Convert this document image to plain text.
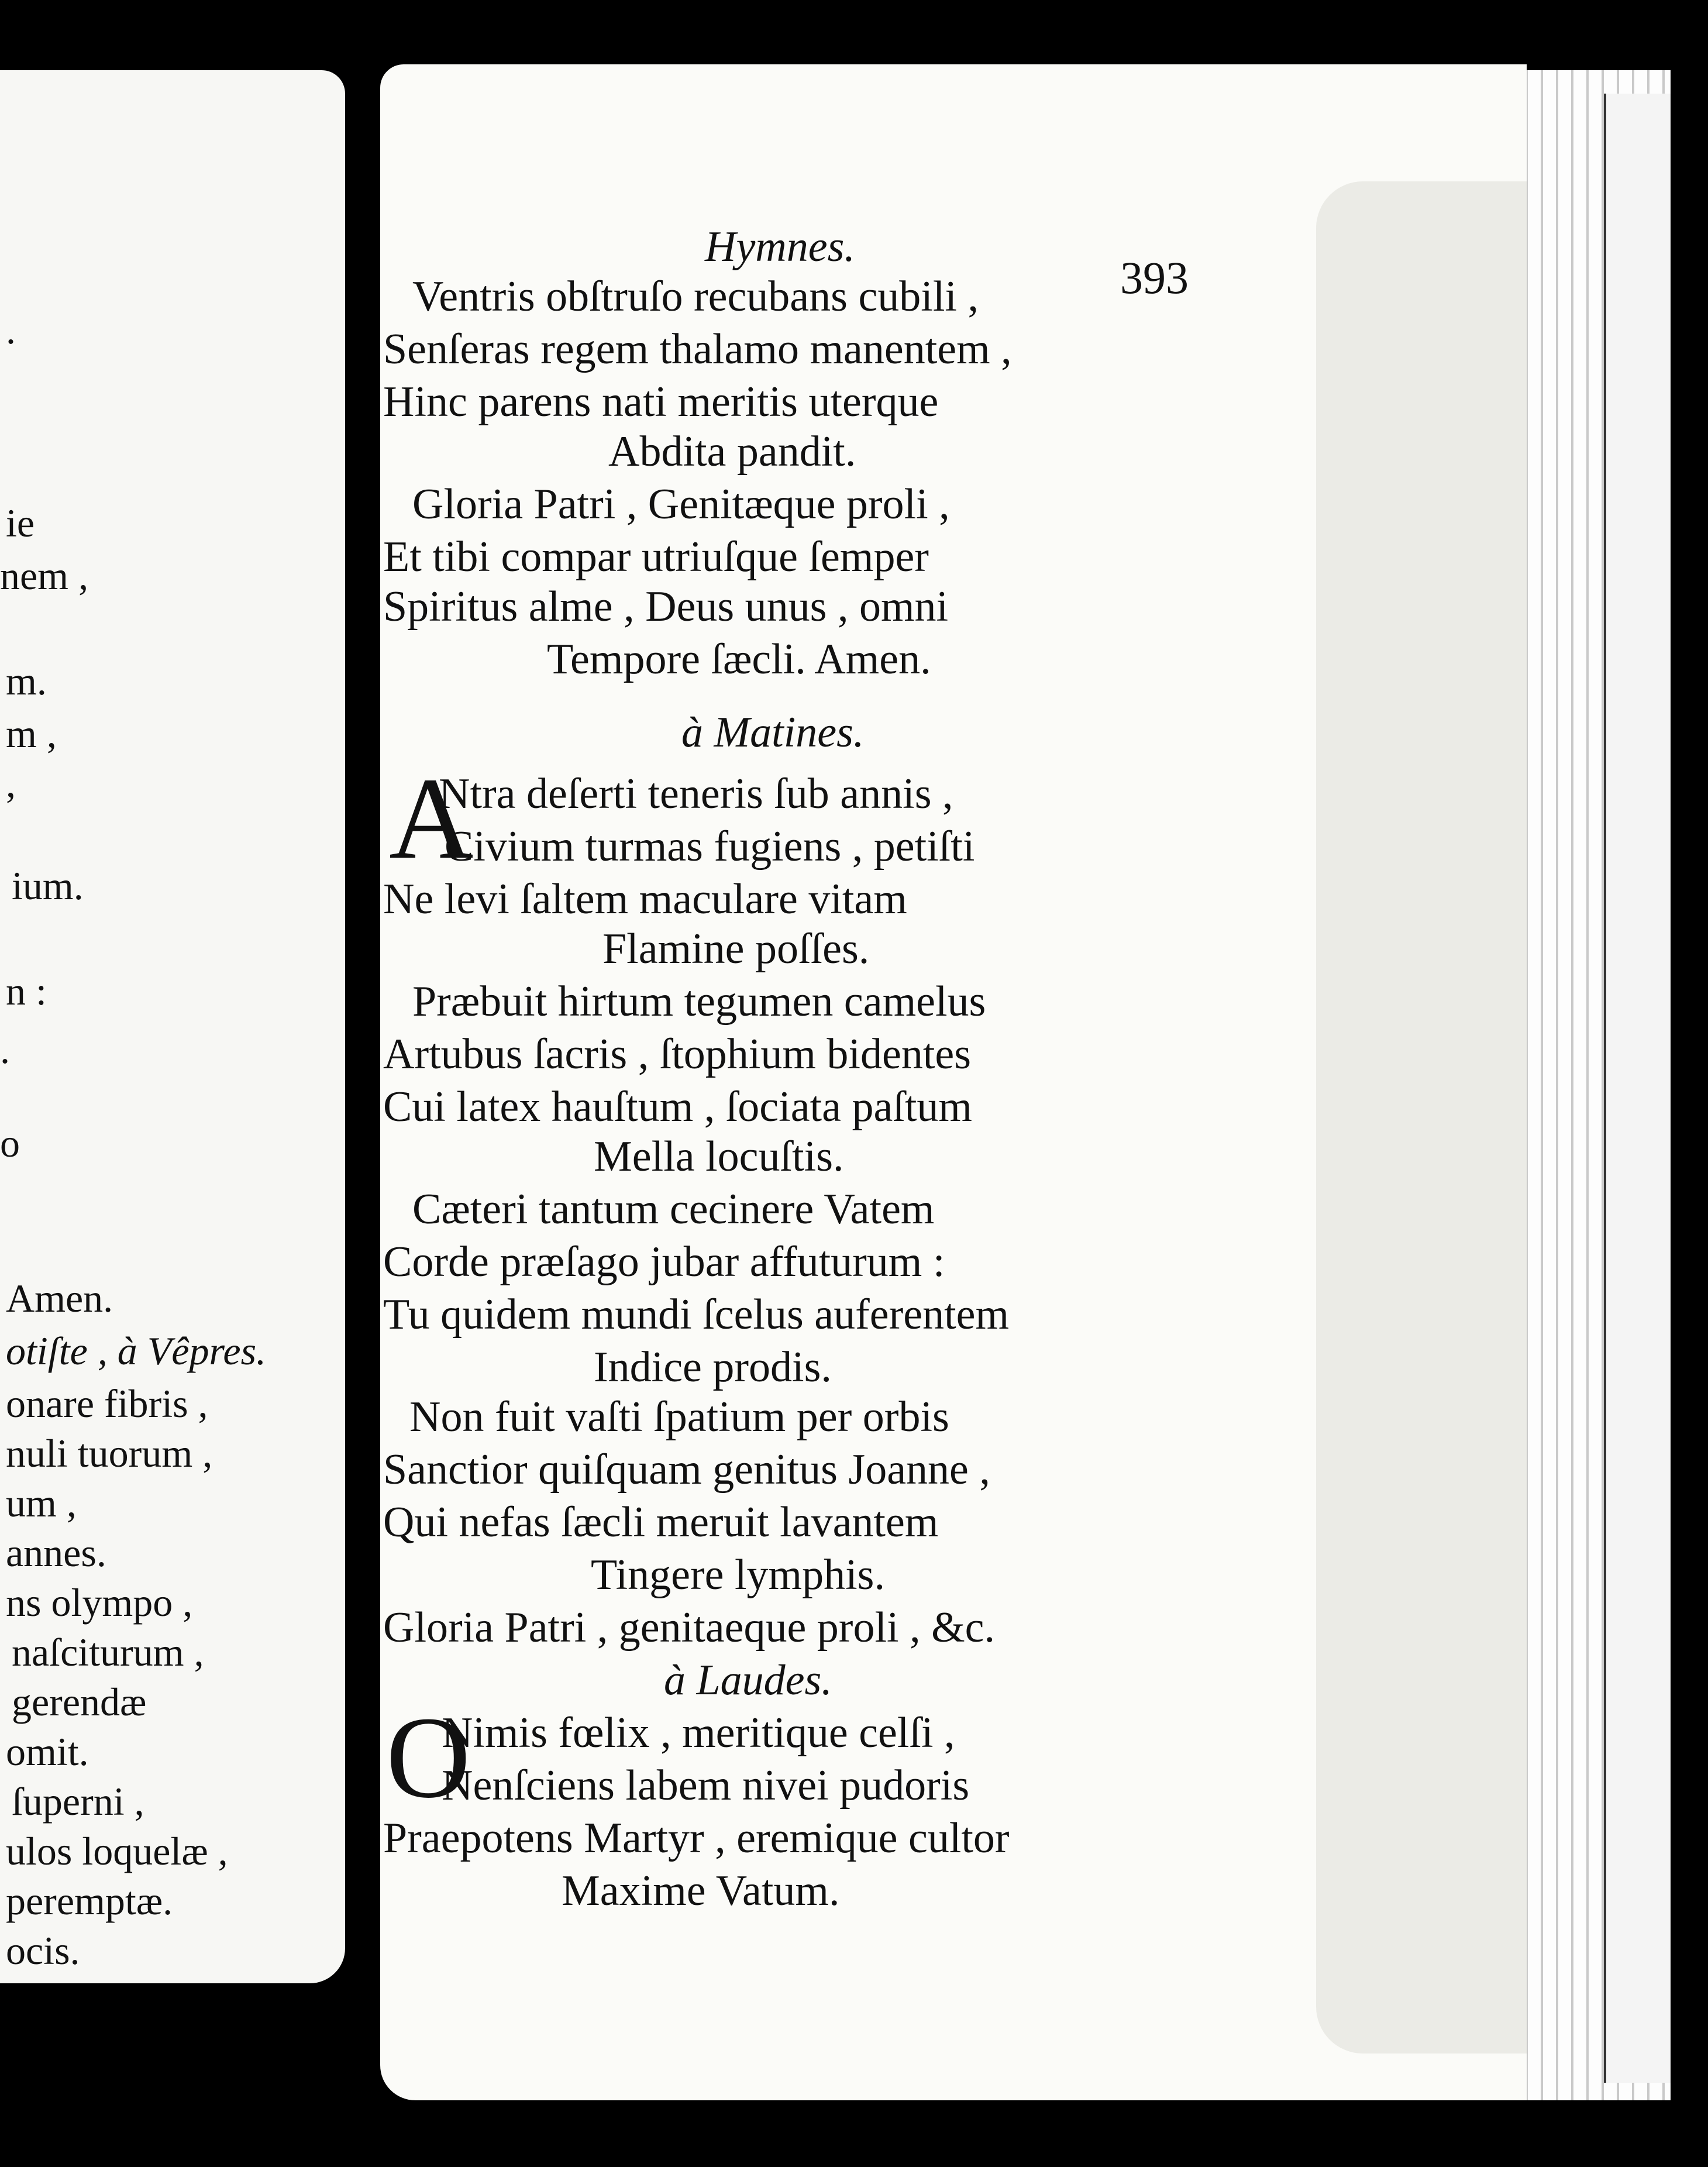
.
ie
nem ,
m.
m ,
,
ium.
n :
.
o
Amen.
otiſte , à Vêpres.
onare fibris ,
nuli tuorum ,
um ,
annes.
ns olympo ,
naſciturum ,
gerendæ
omit.
ſuperni ,
ulos loquelæ ,
peremptæ.
ocis.
Hymnes.
393
Ventris obſtruſo recubans cubili ,
Senſeras regem thalamo manentem ,
Hinc parens nati meritis uterque
Abdita pandit.
Gloria Patri , Genitæque proli ,
Et tibi compar utriuſque ſemper
Spiritus alme , Deus unus , omni
Tempore ſæcli. Amen.
à Matines.
A
Ntra deſerti teneris ſub annis ,
Civium turmas fugiens , petiſti
Ne levi ſaltem maculare vitam
Flamine poſſes.
Præbuit hirtum tegumen camelus
Artubus ſacris , ſtophium bidentes
Cui latex hauſtum , ſociata paſtum
Mella locuſtis.
Cæteri tantum cecinere Vatem
Corde præſago jubar affuturum :
Tu quidem mundi ſcelus auferentem
Indice prodis.
Non fuit vaſti ſpatium per orbis
Sanctior quiſquam genitus Joanne ,
Qui nefas ſæcli meruit lavantem
Tingere lymphis.
Gloria Patri , genitaeque proli , &c.
à Laudes.
O
Nimis fœlix , meritique celſi ,
Nenſciens labem nivei pudoris
Praepotens Martyr , eremique cultor
Maxime Vatum.
